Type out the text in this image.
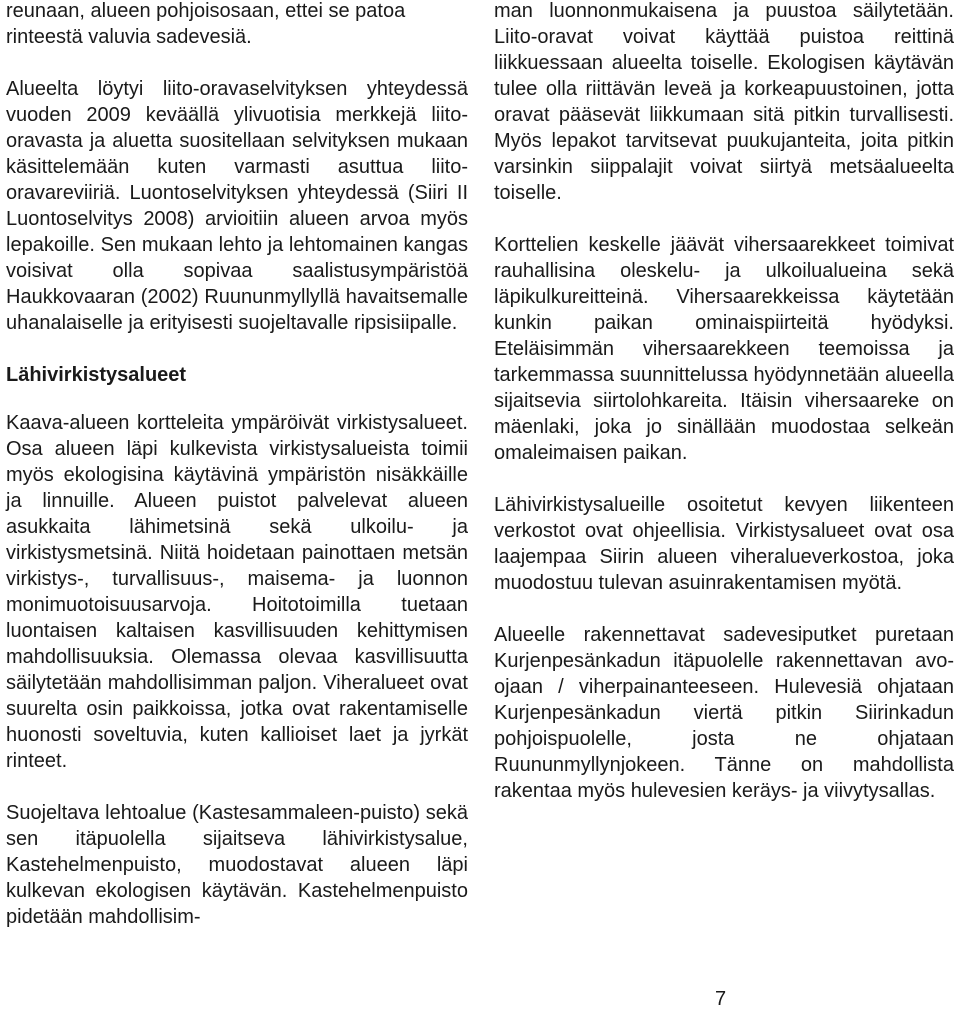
reunaan, alueen pohjoisosaan, ettei se patoa
rinteestä valuvia sadevesiä.

Alueelta löytyi liito-oravaselvityksen yhteydessä vuoden 2009 keväällä ylivuotisia merkkejä liito-oravasta ja aluetta suositellaan selvityksen mukaan käsittelemään kuten varmasti asuttua liito-oravareviiriä. Luontoselvityksen yhteydessä (Siiri II Luontoselvitys 2008) arvioitiin alueen arvoa myös lepakoille. Sen mukaan lehto ja lehtomainen kangas voisivat olla sopivaa saalistusympäristöä Haukkovaaran (2002) Ruununmyllyllä havaitsemalle uhanalaiselle ja erityisesti suojeltavalle ripsisiipalle.

Lähivirkistysalueet

Kaava-alueen kortteleita ympäröivät virkistysalueet. Osa alueen läpi kulkevista virkistysalueista toimii myös ekologisina käytävinä ympäristön nisäkkäille ja linnuille. Alueen puistot palvelevat alueen asukkaita lähimetsinä sekä ulkoilu- ja virkistysmetsinä. Niitä hoidetaan painottaen metsän virkistys-, turvallisuus-, maisema- ja luonnon monimuotoisuusarvoja. Hoitotoimilla tuetaan luontaisen kaltaisen kasvillisuuden kehittymisen mahdollisuuksia. Olemassa olevaa kasvillisuutta säilytetään mahdollisimman paljon. Viheralueet ovat suurelta osin paikkoissa, jotka ovat rakentamiselle huonosti soveltuvia, kuten kallioiset laet ja jyrkät rinteet.

Suojeltava lehtoalue (Kastesammaleen-puisto) sekä sen itäpuolella sijaitseva lähivirkistysalue, Kastehelmenpuisto, muodostavat alueen läpi kulkevan ekologisen käytävän. Kastehelmenpuisto pidetään mahdollisim-

man luonnonmukaisena ja puustoa säilytetään. Liito-oravat voivat käyttää puistoa reittinä liikkuessaan alueelta toiselle. Ekologisen käytävän tulee olla riittävän leveä ja korkeapuustoinen, jotta oravat pääsevät liikkumaan sitä pitkin turvallisesti. Myös lepakot tarvitsevat puukujanteita, joita pitkin varsinkin siippalajit voivat siirtyä metsäalueelta toiselle.

Korttelien keskelle jäävät vihersaarekkeet toimivat rauhallisina oleskelu- ja ulkoilualueina sekä läpikulkureitteinä. Vihersaarekkeissa käytetään kunkin paikan ominaispiirteitä hyödyksi. Eteläisimmän vihersaarekkeen teemoissa ja tarkemmassa suunnittelussa hyödynnetään alueella sijaitsevia siirtolohkareita. Itäisin vihersaareke on mäenlaki, joka jo sinällään muodostaa selkeän omaleimaisen paikan.

Lähivirkistysalueille osoitetut kevyen liikenteen verkostot ovat ohjeellisia. Virkistysalueet ovat osa laajempaa Siirin alueen viheralueverkostoa, joka muodostuu tulevan asuinrakentamisen myötä.

Alueelle rakennettavat sadevesiputket puretaan Kurjenpesänkadun itäpuolelle rakennettavan avo-ojaan / viherpainanteeseen. Hulevesiä ohjataan Kurjenpesänkadun viertä pitkin Siirinkadun pohjoispuolelle, josta ne ohjataan Ruununmyllynjokeen. Tänne on mahdollista rakentaa myös hulevesien keräys- ja viivytysallas.

7
